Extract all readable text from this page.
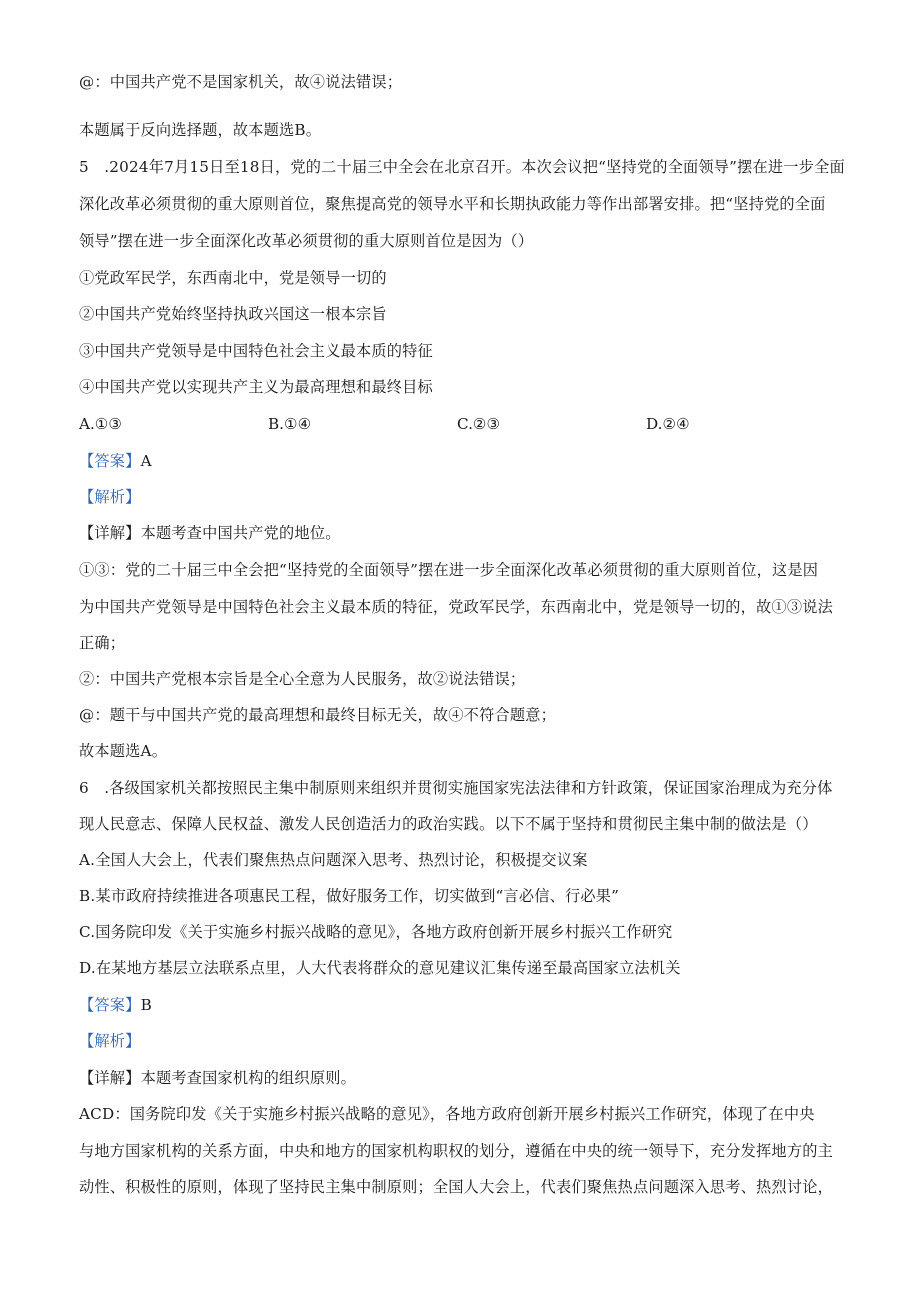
@：中国共产党不是国家机关，故④说法错误；
本题属于反向选择题，故本题选B。
5　.2024年7月15日至18日，党的二十届三中全会在北京召开。本次会议把“坚持党的全面领导”摆在进一步全面
深化改革必须贯彻的重大原则首位，聚焦提高党的领导水平和长期执政能力等作出部署安排。把“坚持党的全面
领导”摆在进一步全面深化改革必须贯彻的重大原则首位是因为（）
①党政军民学，东西南北中，党是领导一切的
②中国共产党始终坚持执政兴国这一根本宗旨
③中国共产党领导是中国特色社会主义最本质的特征
④中国共产党以实现共产主义为最高理想和最终目标
A.①③	B.①④	C.②③	D.②④
【答案】A
【解析】
【详解】本题考查中国共产党的地位。
①③：党的二十届三中全会把“坚持党的全面领导”摆在进一步全面深化改革必须贯彻的重大原则首位，这是因
为中国共产党领导是中国特色社会主义最本质的特征，党政军民学，东西南北中，党是领导一切的，故①③说法
正确；
②：中国共产党根本宗旨是全心全意为人民服务，故②说法错误；
@：题干与中国共产党的最高理想和最终目标无关，故④不符合题意；
故本题选A。
6　.各级国家机关都按照民主集中制原则来组织并贯彻实施国家宪法法律和方针政策，保证国家治理成为充分体
现人民意志、保障人民权益、激发人民创造活力的政治实践。以下不属于坚持和贯彻民主集中制的做法是（）
A.全国人大会上，代表们聚焦热点问题深入思考、热烈讨论，积极提交议案
B.某市政府持续推进各项惠民工程，做好服务工作，切实做到“言必信、行必果”
C.国务院印发《关于实施乡村振兴战略的意见》，各地方政府创新开展乡村振兴工作研究
D.在某地方基层立法联系点里，人大代表将群众的意见建议汇集传递至最高国家立法机关
【答案】B
【解析】
【详解】本题考查国家机构的组织原则。
ACD：国务院印发《关于实施乡村振兴战略的意见》，各地方政府创新开展乡村振兴工作研究，体现了在中央
与地方国家机构的关系方面，中央和地方的国家机构职权的划分，遵循在中央的统一领导下，充分发挥地方的主
动性、积极性的原则，体现了坚持民主集中制原则；全国人大会上，代表们聚焦热点问题深入思考、热烈讨论，
